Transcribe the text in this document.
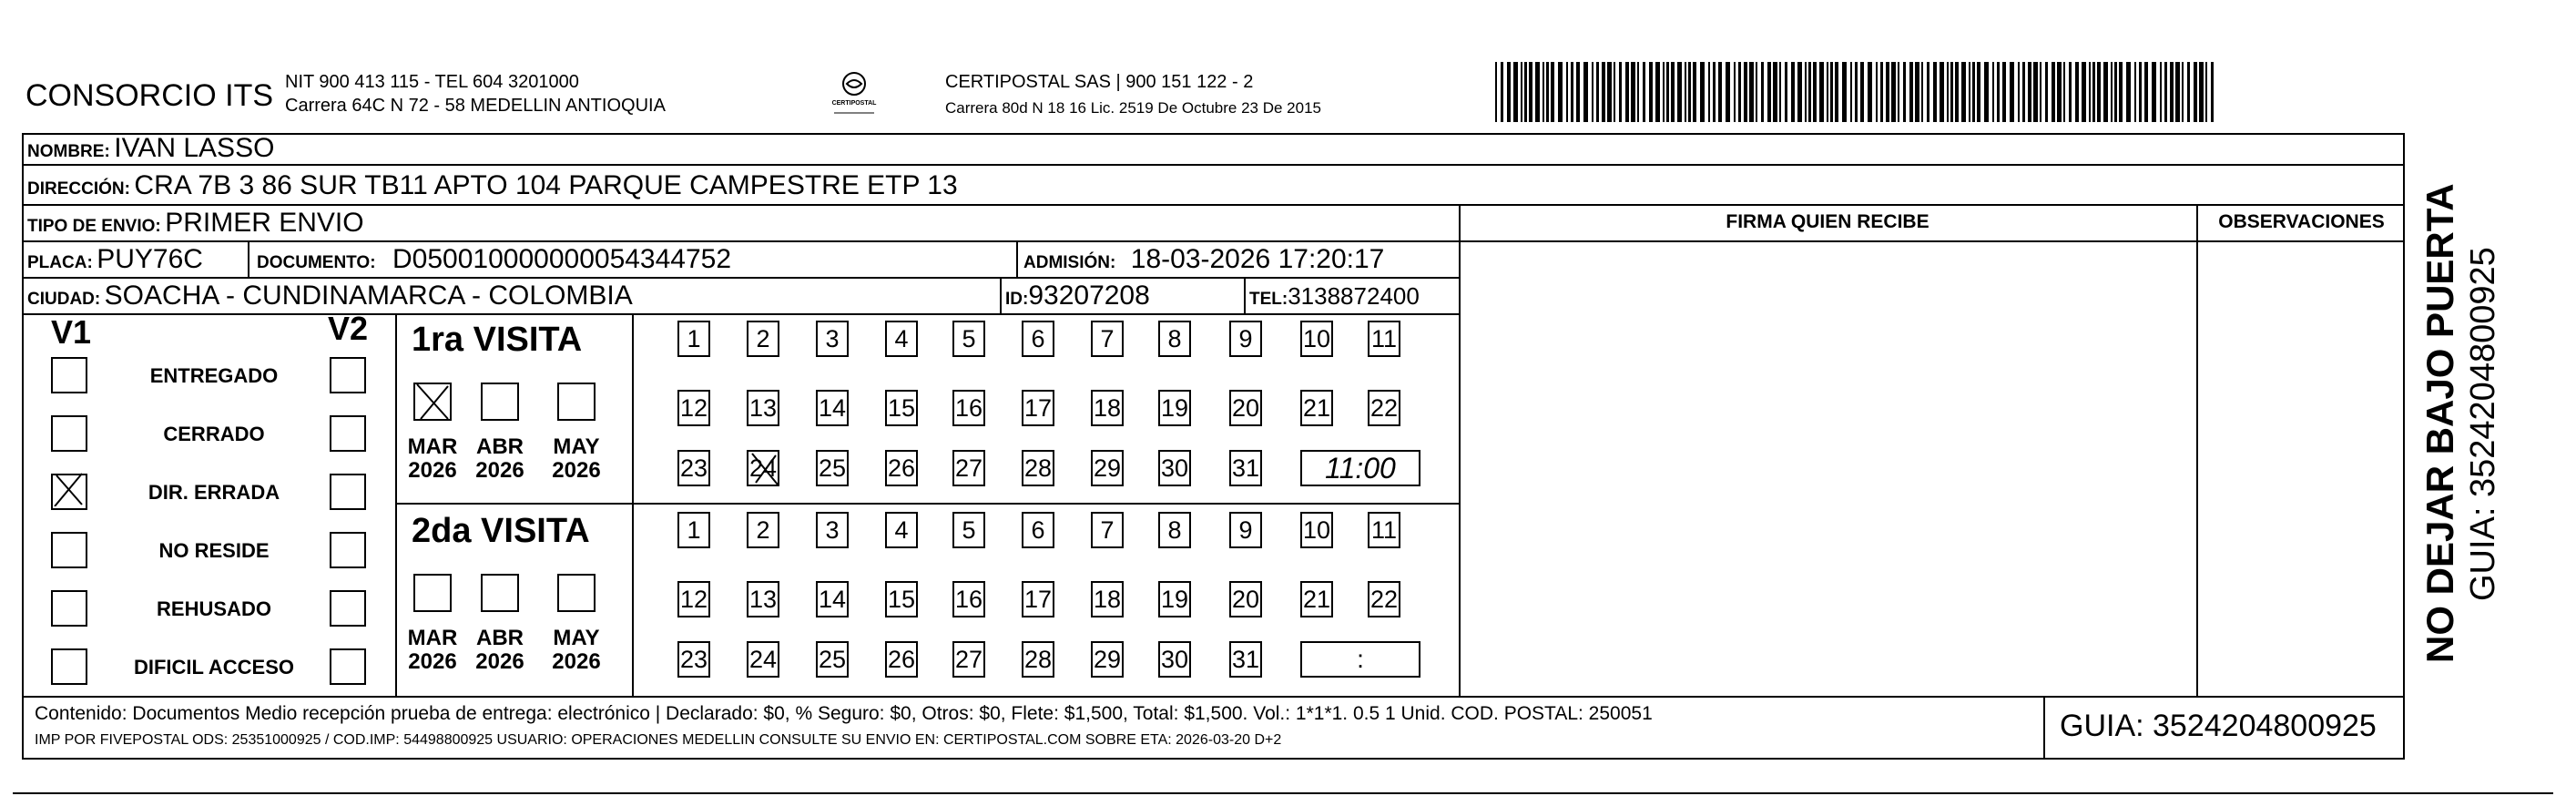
CONSORCIO ITS NIT 900 413 115 - TEL 604 3201000
Carrera 64C N 72 - 58 MEDELLIN ANTIOQUIA	CERTIPOSTAL
CERTIPOSTAL SAS | 900 151 122 - 2
Carrera 80d N 18 16 Lic. 2519 De Octubre 23 De 2015
NOMBRE: IVAN LASSO
DIRECCIÓN: CRA 7B 3 86 SUR TB11 APTO 104 PARQUE CAMPESTRE ETP 13
TIPO DE ENVIO: PRIMER ENVIO	FIRMA QUIEN RECIBE	OBSERVACIONES
PLACA: PUY76C	DOCUMENTO: D050010000000054344752	ADMISIÓN: 18-03-2026 17:20:17
CIUDAD: SOACHA - CUNDINAMARCA - COLOMBIA	ID:93207208	TEL:3138872400
V1	V2
ENTREGADO
CERRADO
DIR. ERRADA
NO RESIDE
REHUSADO
DIFICIL ACCESO
1ra VISITA
2da VISITA
MAR
2026
ABR
2026
MAY
2026
MAR
2026
ABR
2026
MAY
2026
1	2	3	4	5	6	7	8	9	10 11
12 13 14 15 16 17 18 19 20 21 22
23 24 25 26 27 28 29 30 31	11:00
1	2	3	4	5	6	7	8	9	10 11
12 13 14 15 16 17 18 19 20 21 22
23 24 25 26 27 28 29 30 31	:
Contenido: Documentos Medio recepción prueba de entrega: electrónico | Declarado: $0, % Seguro: $0, Otros: $0, Flete: $1,500, Total: $1,500. Vol.: 1*1*1. 0.5 1 Unid. COD. POSTAL: 250051
IMP POR FIVEPOSTAL ODS: 25351000925 / COD.IMP: 54498800925 USUARIO: OPERACIONES MEDELLIN CONSULTE SU ENVIO EN: CERTIPOSTAL.COM SOBRE ETA: 2026-03-20 D+2	GUIA: 3524204800925
NO DEJAR BAJO PUERTA GUIA: 3524204800925
